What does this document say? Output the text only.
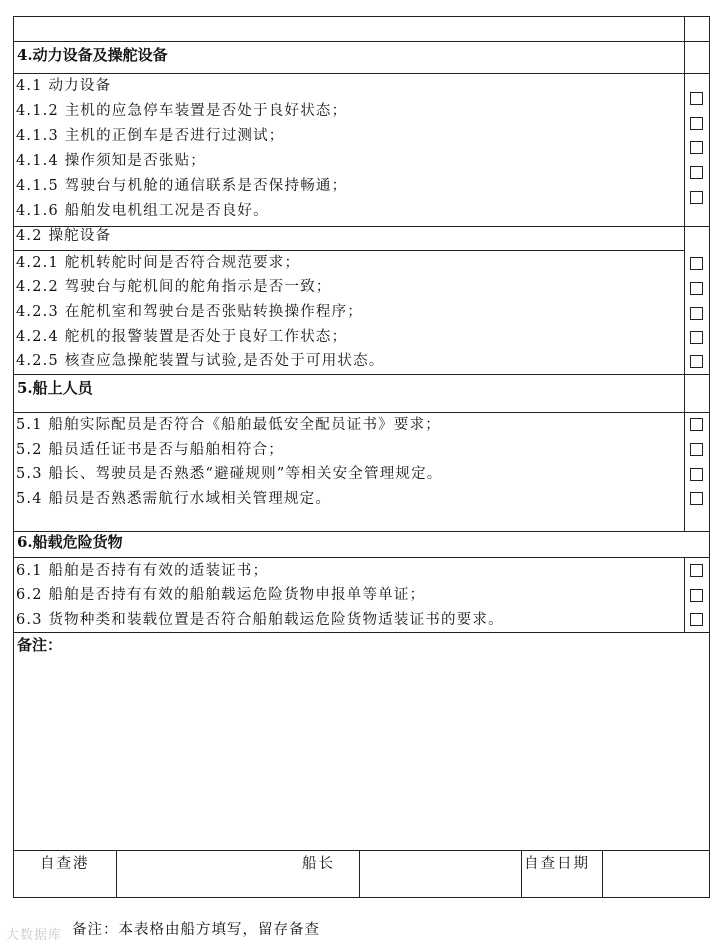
4.动力设备及操舵设备
4.1 动力设备
4.1.2 主机的应急停车装置是否处于良好状态；
4.1.3 主机的正倒车是否进行过测试；
4.1.4 操作须知是否张贴；
4.1.5 驾驶台与机舱的通信联系是否保持畅通；
4.1.6 船舶发电机组工况是否良好。
4.2 操舵设备
4.2.1 舵机转舵时间是否符合规范要求；
4.2.2 驾驶台与舵机间的舵角指示是否一致；
4.2.3 在舵机室和驾驶台是否张贴转换操作程序；
4.2.4 舵机的报警装置是否处于良好工作状态；
4.2.5 核查应急操舵装置与试验,是否处于可用状态。
5.船上人员
5.1 船舶实际配员是否符合《船舶最低安全配员证书》要求；
5.2 船员适任证书是否与船舶相符合；
5.3 船长、驾驶员是否熟悉“避碰规则”等相关安全管理规定。
5.4 船员是否熟悉需航行水域相关管理规定。
6.船载危险货物
6.1 船舶是否持有有效的适装证书；
6.2 船舶是否持有有效的船舶载运危险货物申报单等单证；
6.3 货物种类和装载位置是否符合船舶载运危险货物适装证书的要求。
备注：
自查港	船长	自查日期
备注：本表格由船方填写，留存备查
大数据库
